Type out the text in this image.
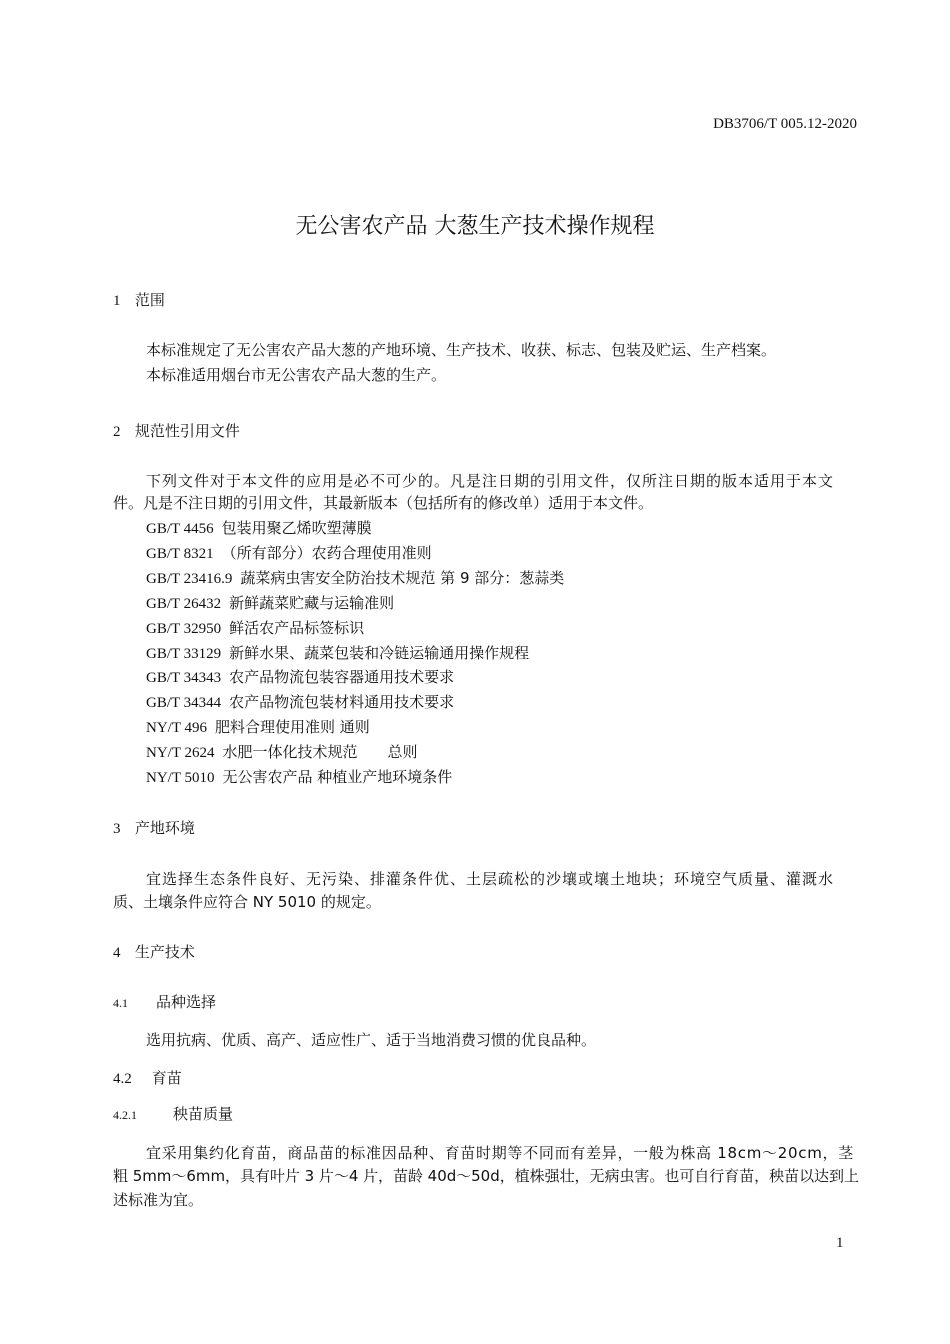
DB3706/T 005.12-2020
无公害农产品 大葱生产技术操作规程
1 范围
本标准规定了无公害农产品大葱的产地环境、生产技术、收获、标志、包装及贮运、生产档案。
本标准适用烟台市无公害农产品大葱的生产。
2 规范性引用文件
下列文件对于本文件的应用是必不可少的。凡是注日期的引用文件，仅所注日期的版本适用于本文
件。凡是不注日期的引用文件，其最新版本（包括所有的修改单）适用于本文件。
GB/T 4456 包装用聚乙烯吹塑薄膜
GB/T 8321 （所有部分）农药合理使用准则
GB/T 23416.9 蔬菜病虫害安全防治技术规范 第 9 部分：葱蒜类
GB/T 26432 新鲜蔬菜贮藏与运输准则
GB/T 32950 鲜活农产品标签标识
GB/T 33129 新鲜水果、蔬菜包装和冷链运输通用操作规程
GB/T 34343 农产品物流包装容器通用技术要求
GB/T 34344 农产品物流包装材料通用技术要求
NY/T 496 肥料合理使用准则 通则
NY/T 2624 水肥一体化技术规范　　总则
NY/T 5010 无公害农产品 种植业产地环境条件
3 产地环境
宜选择生态条件良好、无污染、排灌条件优、土层疏松的沙壤或壤土地块；环境空气质量、灌溉水
质、土壤条件应符合 NY 5010 的规定。
4 生产技术
4.1 品种选择
选用抗病、优质、高产、适应性广、适于当地消费习惯的优良品种。
4.2 育苗
4.2.1 秧苗质量
宜采用集约化育苗，商品苗的标准因品种、育苗时期等不同而有差异，一般为株高 18cm～20cm，茎
粗 5mm～6mm，具有叶片 3 片～4 片，苗龄 40d～50d，植株强壮，无病虫害。也可自行育苗，秧苗以达到上
述标准为宜。
1
